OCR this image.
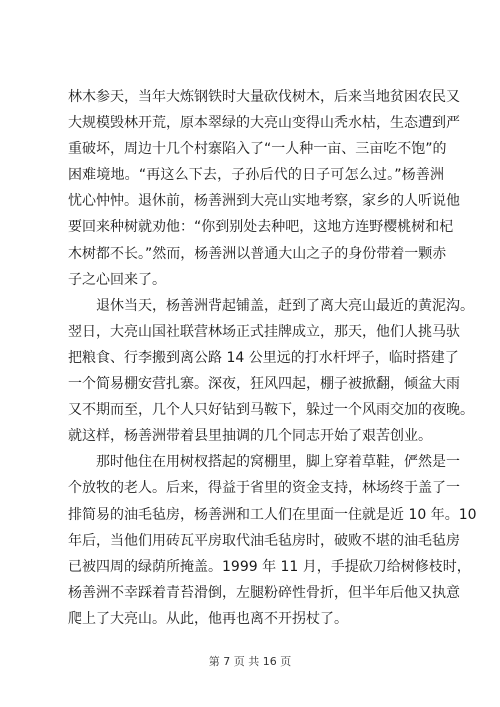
林木参天，当年大炼钢铁时大量砍伐树木，后来当地贫困农民又

大规模毁林开荒，原本翠绿的大亮山变得山秃水枯，生态遭到严

重破坏，周边十几个村寨陷入了“一人种一亩、三亩吃不饱”的

困难境地。“再这么下去，子孙后代的日子可怎么过。”杨善洲

忧心忡忡。退休前，杨善洲到大亮山实地考察，家乡的人听说他

要回来种树就劝他：“你到别处去种吧，这地方连野樱桃树和杞

木树都不长。”然而，杨善洲以普通大山之子的身份带着一颗赤

子之心回来了。

退休当天，杨善洲背起铺盖，赶到了离大亮山最近的黄泥沟。

翌日，大亮山国社联营林场正式挂牌成立，那天，他们人挑马驮

把粮食、行李搬到离公路 14 公里远的打水杆坪子，临时搭建了

一个简易棚安营扎寨。深夜，狂风四起，棚子被掀翻，倾盆大雨

又不期而至，几个人只好钻到马鞍下，躲过一个风雨交加的夜晚。

就这样，杨善洲带着县里抽调的几个同志开始了艰苦创业。

那时他住在用树杈搭起的窝棚里，脚上穿着草鞋，俨然是一

个放牧的老人。后来，得益于省里的资金支持，林场终于盖了一

排简易的油毛毡房，杨善洲和工人们在里面一住就是近 10 年。10

年后，当他们用砖瓦平房取代油毛毡房时，破败不堪的油毛毡房

已被四周的绿荫所掩盖。1999 年 11 月，手提砍刀给树修枝时，

杨善洲不幸踩着青苔滑倒，左腿粉碎性骨折，但半年后他又执意

爬上了大亮山。从此，他再也离不开拐杖了。

第 7 页 共 16 页
